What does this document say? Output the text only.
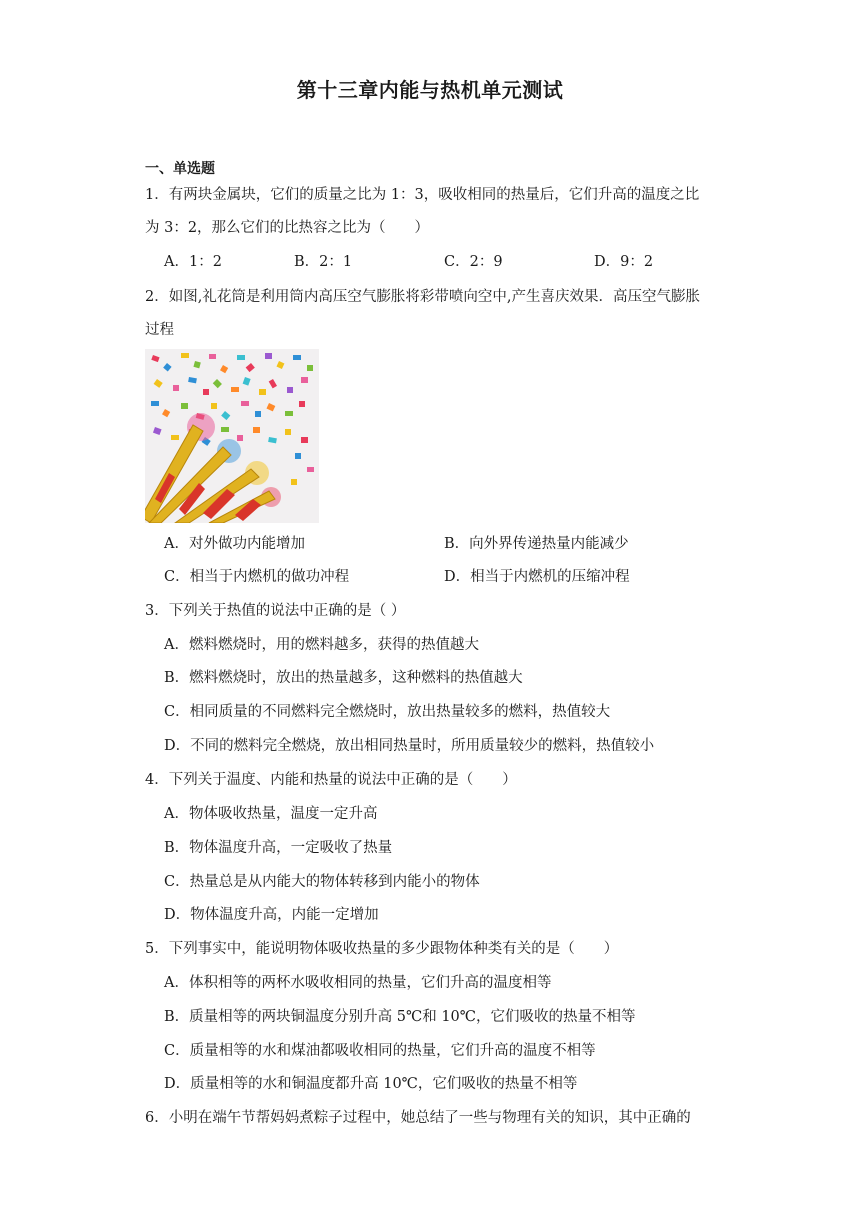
第十三章内能与热机单元测试
一、单选题
1．有两块金属块，它们的质量之比为 1：3，吸收相同的热量后，它们升高的温度之比
为 3：2，那么它们的比热容之比为（　　）
A．1：2	B．2：1	C．2：9	D．9：2
2．如图,礼花筒是利用筒内高压空气膨胀将彩带喷向空中,产生喜庆效果．高压空气膨胀
过程
A．对外做功内能增加	B．向外界传递热量内能减少
C．相当于内燃机的做功冲程	D．相当于内燃机的压缩冲程
3．下列关于热值的说法中正确的是（ ）
A．燃料燃烧时，用的燃料越多，获得的热值越大
B．燃料燃烧时，放出的热量越多，这种燃料的热值越大
C．相同质量的不同燃料完全燃烧时，放出热量较多的燃料，热值较大
D．不同的燃料完全燃烧，放出相同热量时，所用质量较少的燃料，热值较小
4．下列关于温度、内能和热量的说法中正确的是（　　）
A．物体吸收热量，温度一定升高
B．物体温度升高，一定吸收了热量
C．热量总是从内能大的物体转移到内能小的物体
D．物体温度升高，内能一定增加
5．下列事实中，能说明物体吸收热量的多少跟物体种类有关的是（　　）
A．体积相等的两杯水吸收相同的热量，它们升高的温度相等
B．质量相等的两块铜温度分别升高 5℃和 10℃，它们吸收的热量不相等
C．质量相等的水和煤油都吸收相同的热量，它们升高的温度不相等
D．质量相等的水和铜温度都升高 10℃，它们吸收的热量不相等
6．小明在端午节帮妈妈煮粽子过程中，她总结了一些与物理有关的知识，其中正确的
